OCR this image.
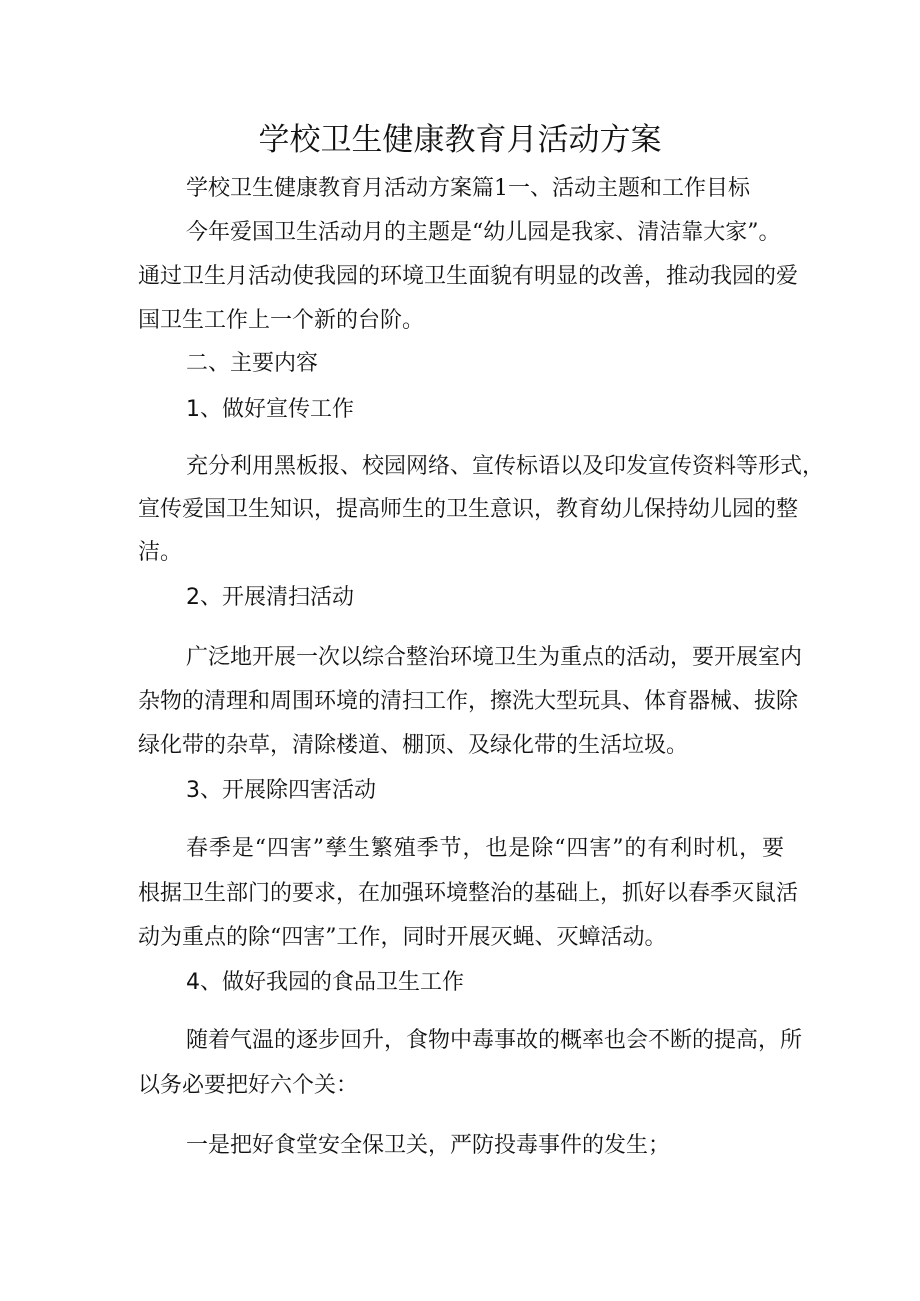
学校卫生健康教育月活动方案
学校卫生健康教育月活动方案篇1一、活动主题和工作目标
今年爱国卫生活动月的主题是“幼儿园是我家、清洁靠大家”。
通过卫生月活动使我园的环境卫生面貌有明显的改善，推动我园的爱
国卫生工作上一个新的台阶。
二、主要内容
1、做好宣传工作
充分利用黑板报、校园网络、宣传标语以及印发宣传资料等形式，
宣传爱国卫生知识，提高师生的卫生意识，教育幼儿保持幼儿园的整
洁。
2、开展清扫活动
广泛地开展一次以综合整治环境卫生为重点的活动，要开展室内
杂物的清理和周围环境的清扫工作，擦洗大型玩具、体育器械、拔除
绿化带的杂草，清除楼道、棚顶、及绿化带的生活垃圾。
3、开展除四害活动
春季是“四害”孳生繁殖季节，也是除“四害”的有利时机，要
根据卫生部门的要求，在加强环境整治的基础上，抓好以春季灭鼠活
动为重点的除“四害”工作，同时开展灭蝇、灭蟑活动。
4、做好我园的食品卫生工作
随着气温的逐步回升，食物中毒事故的概率也会不断的提高，所
以务必要把好六个关：
一是把好食堂安全保卫关，严防投毒事件的发生；
